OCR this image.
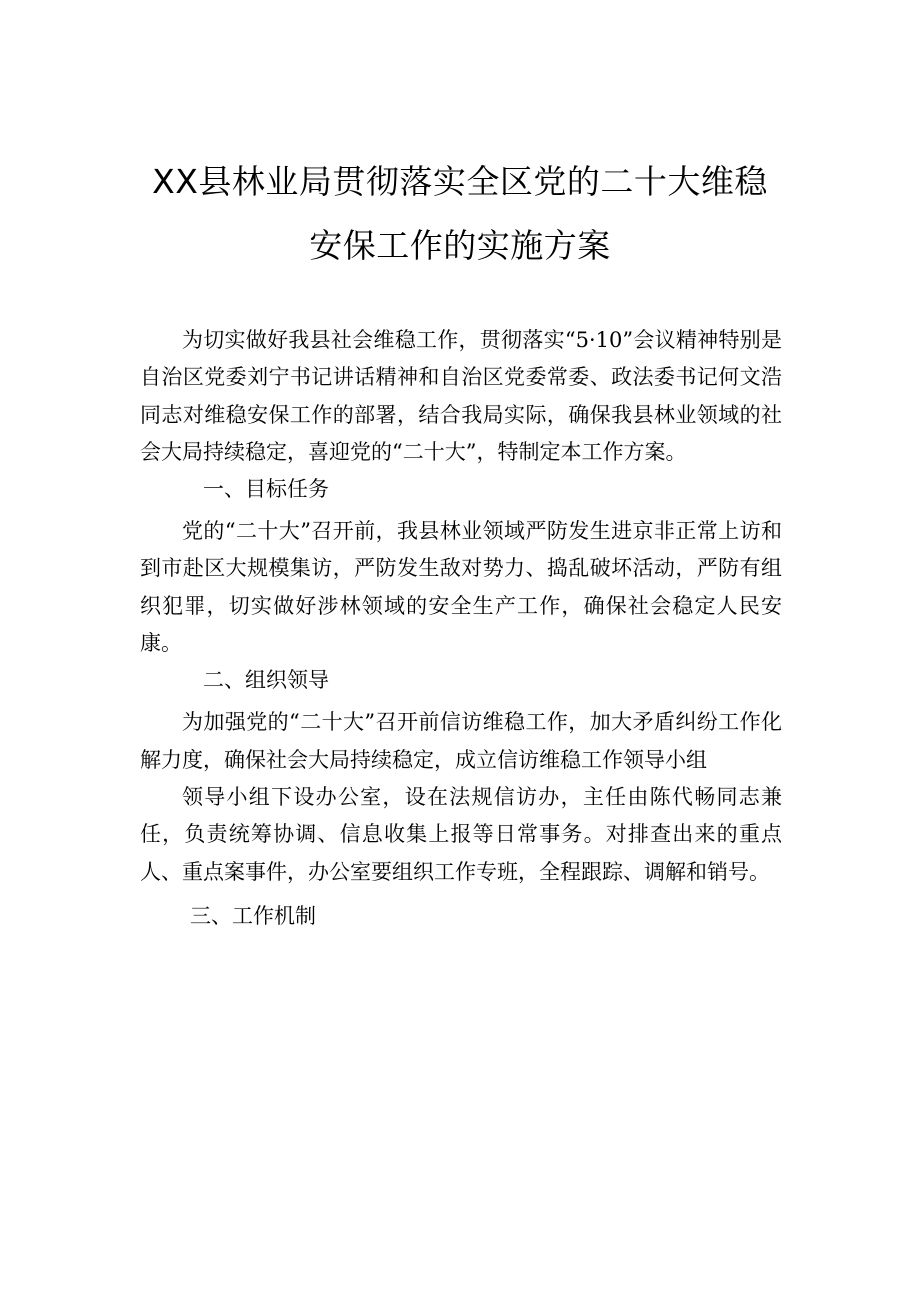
XX县林业局贯彻落实全区党的二十大维稳
安保工作的实施方案

为切实做好我县社会维稳工作，贯彻落实“5·10”会议精神特别是自治区党委刘宁书记讲话精神和自治区党委常委、政法委书记何文浩同志对维稳安保工作的部署，结合我局实际，确保我县林业领域的社会大局持续稳定，喜迎党的“二十大”，特制定本工作方案。

一、目标任务

党的“二十大”召开前，我县林业领域严防发生进京非正常上访和到市赴区大规模集访，严防发生敌对势力、捣乱破坏活动，严防有组织犯罪，切实做好涉林领域的安全生产工作，确保社会稳定人民安康。

二、组织领导

为加强党的“二十大”召开前信访维稳工作，加大矛盾纠纷工作化解力度，确保社会大局持续稳定，成立信访维稳工作领导小组

领导小组下设办公室，设在法规信访办，主任由陈代畅同志兼任，负责统筹协调、信息收集上报等日常事务。对排查出来的重点人、重点案事件，办公室要组织工作专班，全程跟踪、调解和销号。

三、工作机制
